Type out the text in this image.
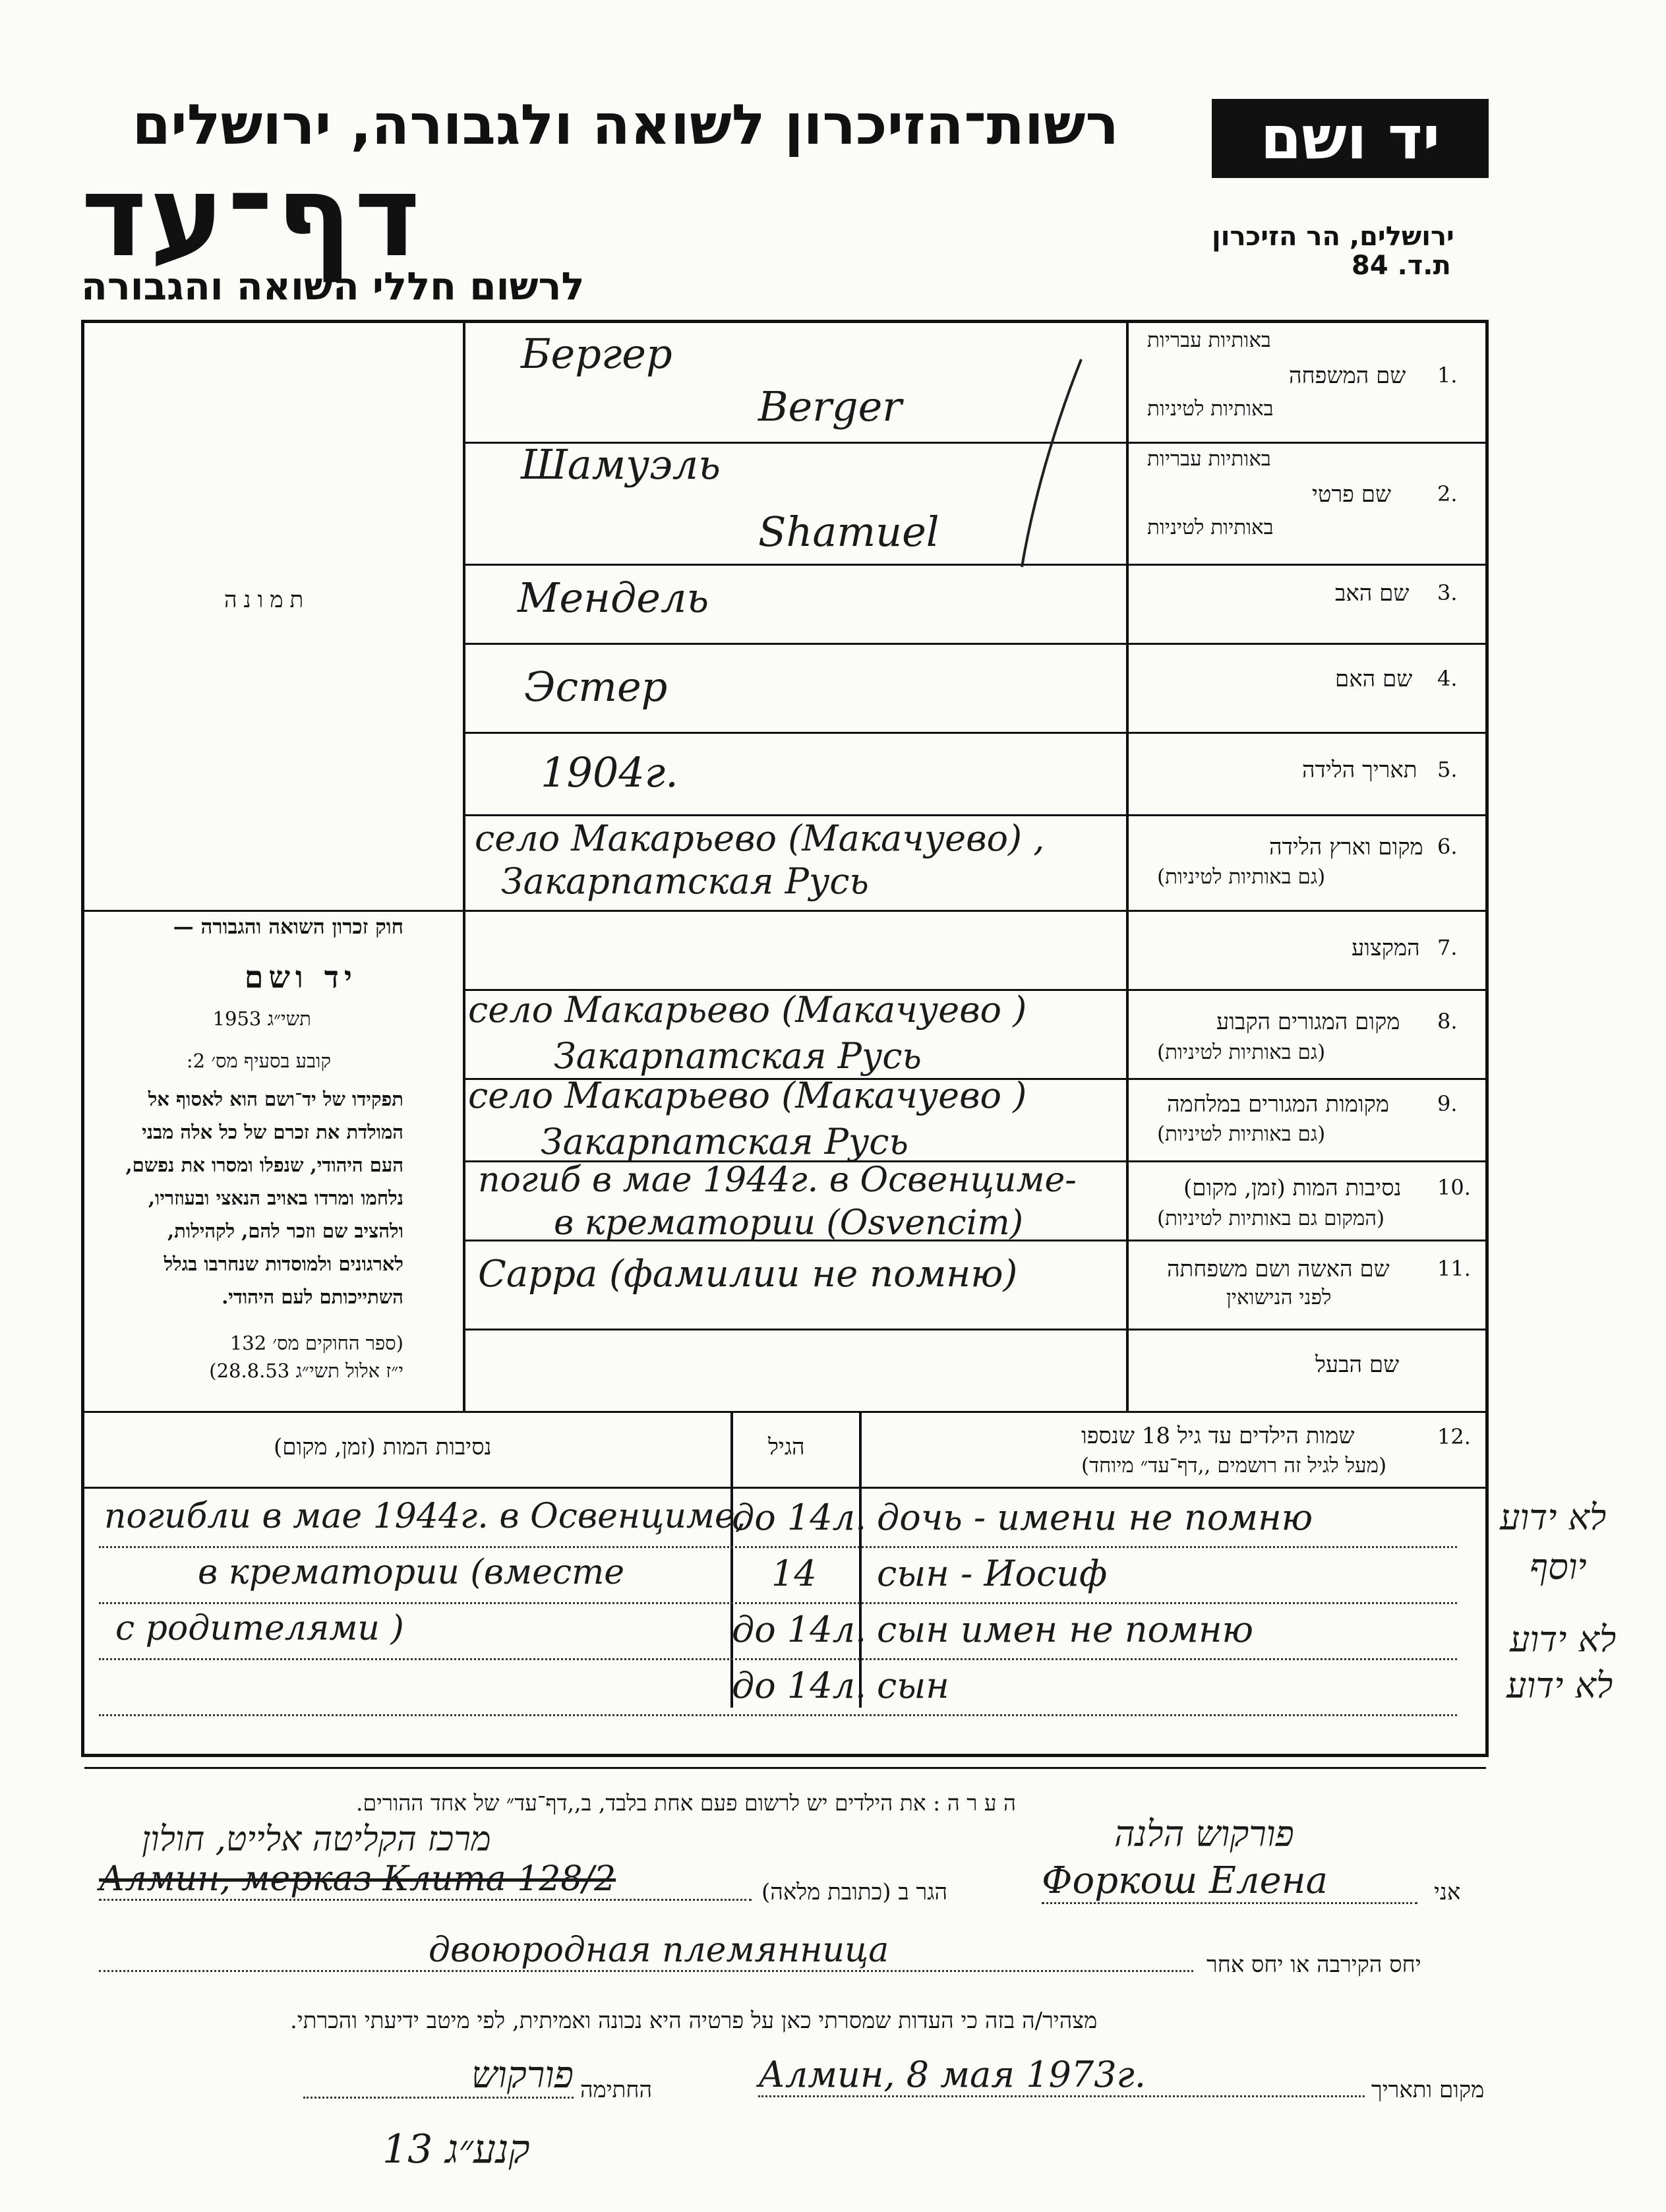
רשות־הזיכרון לשואה ולגבורה, ירושלים
דף־עד
לרשום חללי השואה והגבורה
יד ושם
ירושלים, הר הזיכרון
ת.ד. 84
באותיות עבריות
1.
שם המשפחה
באותיות לטיניות
באותיות עבריות
2.
שם פרטי
באותיות לטיניות
3.
שם האב
4.
שם האם
5.
תאריך הלידה
6.
מקום וארץ הלידה
(גם באותיות לטיניות)
7.
המקצוע
8.
מקום המגורים הקבוע
(גם באותיות לטיניות)
9.
מקומות המגורים במלחמה
(גם באותיות לטיניות)
10.
נסיבות המות (זמן, מקום)
(המקום גם באותיות לטיניות)
11.
שם האשה ושם משפחתה
לפני הנישואין
שם הבעל
Бергер
Berger
Шамуэль
Shamuel
Мендель
Эстер
1904г.
село Макарьево (Макачуево) ,
Закарпатская Русь
село Макарьево (Макачуево )
Закарпатская Русь
село Макарьево (Макачуево )
Закарпатская Русь
погиб в мае 1944г. в Освенциме-
в крематории (Osvencim)
Сарра (фамилии не помню)
תמונה
חוק זכרון השואה והגבורה —
יד ושם
תשי״ג 1953
קובע בסעיף מס׳ 2:
תפקידו של יד־ושם הוא לאסוף אל
המולדת את זכרם של כל אלה מבני
העם היהודי, שנפלו ומסרו את נפשם,
נלחמו ומרדו באויב הנאצי ובעוזריו,
ולהציב שם וזכר להם, לקהילות,
לארגונים ולמוסדות שנחרבו בגלל
השתייכותם לעם היהודי.
(ספר החוקים מס׳ 132
י״ז אלול תשי״ג 28.8.53)
12.
שמות הילדים עד גיל 18 שנספו
(מעל לגיל זה רושמים ,,דף־עד״ מיוחד)
הגיל
נסיבות המות (זמן, מקום)
погибли в мае 1944г. в Освенциме,
до 14л. дочь - имени не помню
в крематории (вместе	14 сын - Иосиф
с родителями )	до 14л. сын имен не помню
до 14л. сын
לא ידוע
יוסף
לא ידוע
לא ידוע
ה ע ר ה : את הילדים יש לרשום פעם אחת בלבד, ב,,דף־עד״ של אחד ההורים.
פורקוש הלנה
מרכז הקליטה אלייט, חולון
אני
Форкош Елена
הגר ב (כתובת מלאה)
Алмин, мерказ Клита 128/2
יחס הקירבה או יחס אחר
двоюродная племянница
מצהיר/ה בזה כי העדות שמסרתי כאן על פרטיה היא נכונה ואמיתית, לפי מיטב ידיעתי והכרתי.
מקום ותאריך
Алмин, 8 мая 1973г.
החתימה
פורקוש
קנע״ג 13
